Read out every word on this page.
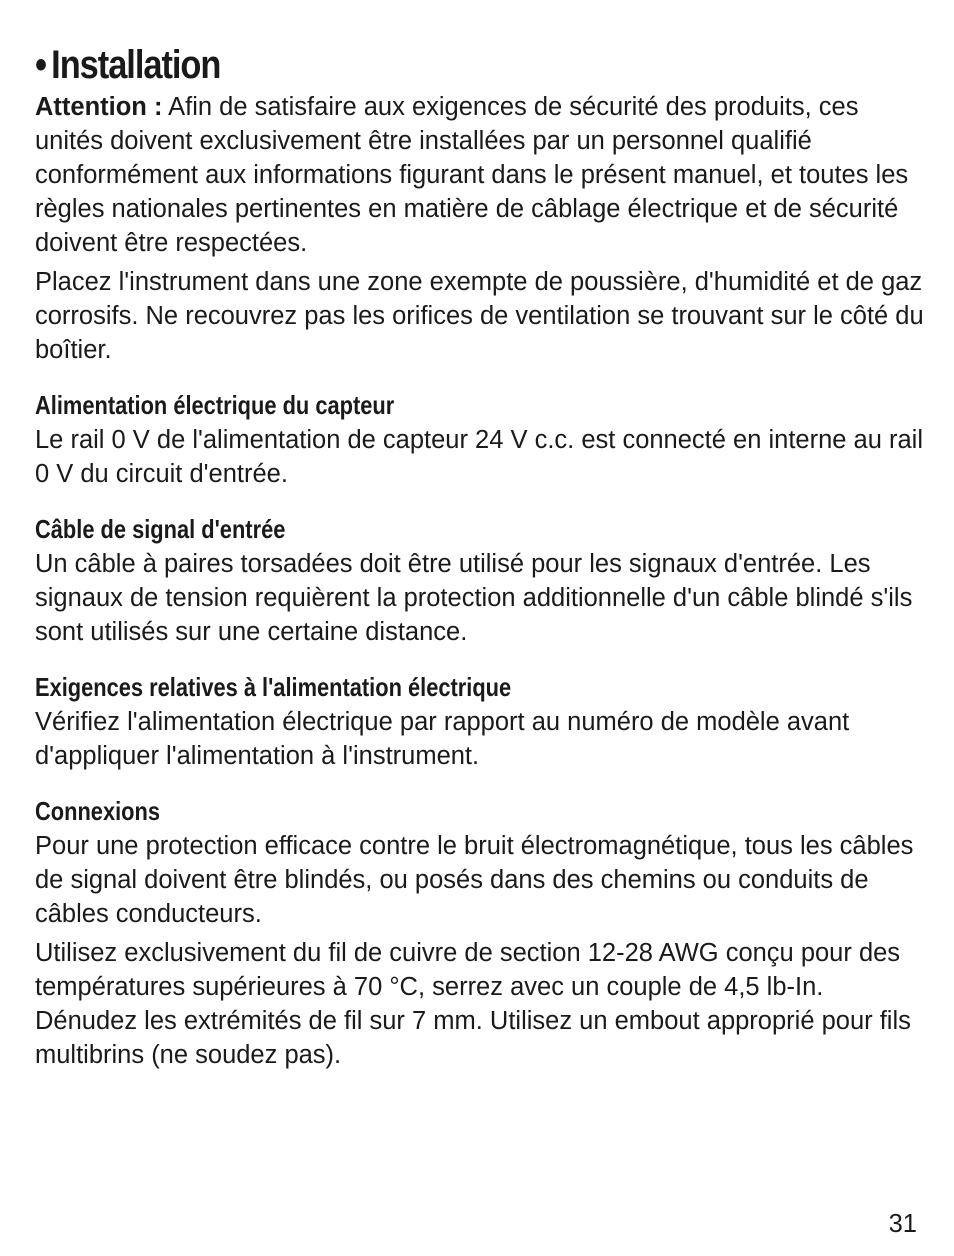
• Installation

Attention : Afin de satisfaire aux exigences de sécurité des produits, ces unités doivent exclusivement être installées par un personnel qualifié conformément aux informations figurant dans le présent manuel, et toutes les règles nationales pertinentes en matière de câblage électrique et de sécurité doivent être respectées.

Placez l'instrument dans une zone exempte de poussière, d'humidité et de gaz corrosifs. Ne recouvrez pas les orifices de ventilation se trouvant sur le côté du boîtier.

Alimentation électrique du capteur

Le rail 0 V de l'alimentation de capteur 24 V c.c. est connecté en interne au rail 0 V du circuit d'entrée.

Câble de signal d'entrée

Un câble à paires torsadées doit être utilisé pour les signaux d'entrée. Les signaux de tension requièrent la protection additionnelle d'un câble blindé s'ils sont utilisés sur une certaine distance.

Exigences relatives à l'alimentation électrique

Vérifiez l'alimentation électrique par rapport au numéro de modèle avant d'appliquer l'alimentation à l'instrument.

Connexions

Pour une protection efficace contre le bruit électromagnétique, tous les câbles de signal doivent être blindés, ou posés dans des chemins ou conduits de câbles conducteurs.

Utilisez exclusivement du fil de cuivre de section 12-28 AWG conçu pour des températures supérieures à 70 °C, serrez avec un couple de 4,5 lb-In. Dénudez les extrémités de fil sur 7 mm. Utilisez un embout approprié pour fils multibrins (ne soudez pas).

31
